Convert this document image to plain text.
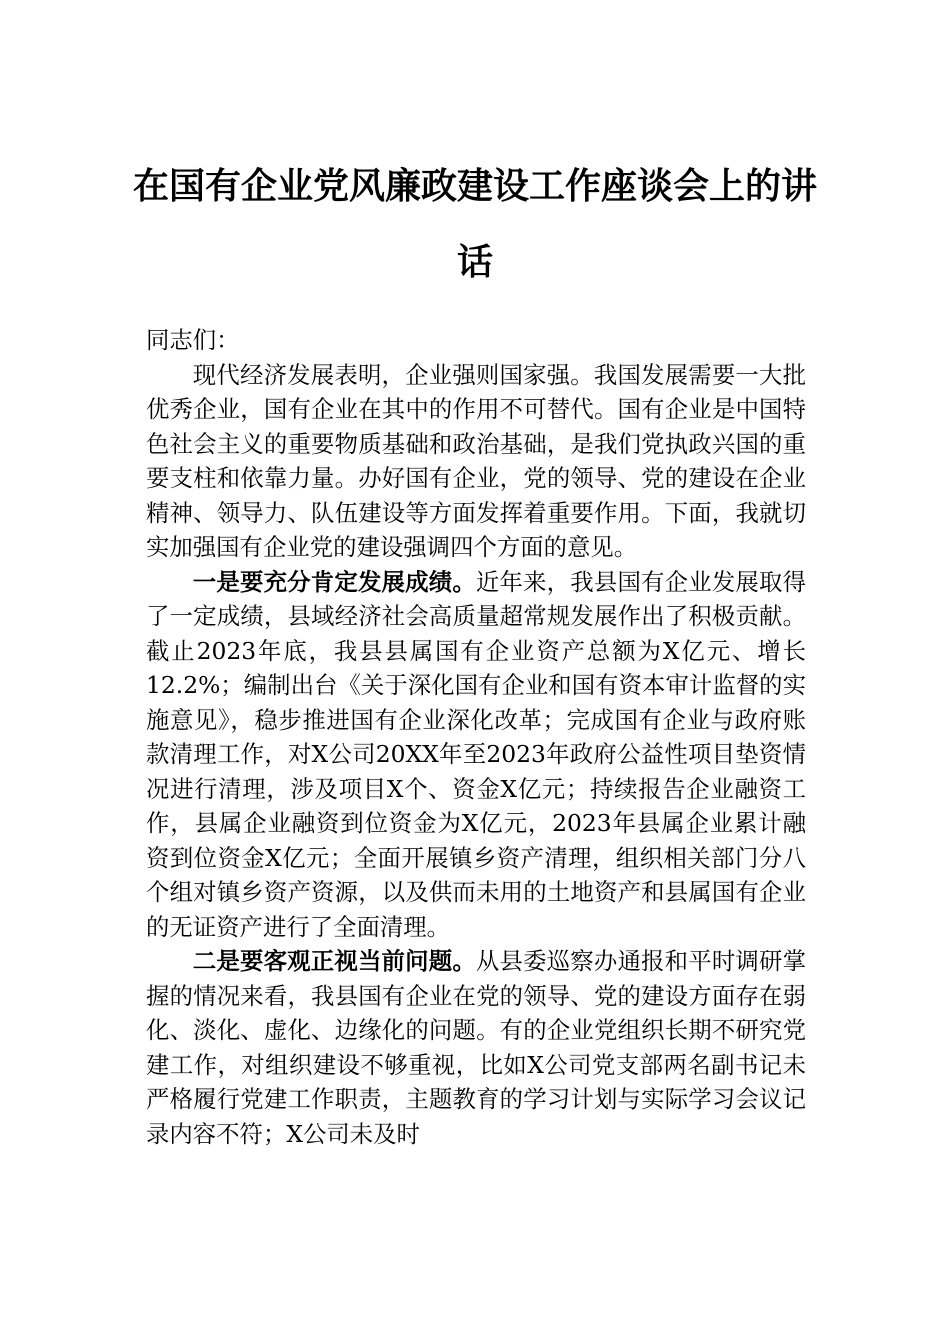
在国有企业党风廉政建设工作座谈会上的讲话

同志们：

现代经济发展表明，企业强则国家强。我国发展需要一大批优秀企业，国有企业在其中的作用不可替代。国有企业是中国特色社会主义的重要物质基础和政治基础，是我们党执政兴国的重要支柱和依靠力量。办好国有企业，党的领导、党的建设在企业精神、领导力、队伍建设等方面发挥着重要作用。下面，我就切实加强国有企业党的建设强调四个方面的意见。

一是要充分肯定发展成绩。近年来，我县国有企业发展取得了一定成绩，县域经济社会高质量超常规发展作出了积极贡献。截止2023年底，我县县属国有企业资产总额为X亿元、增长12.2%；编制出台《关于深化国有企业和国有资本审计监督的实施意见》，稳步推进国有企业深化改革；完成国有企业与政府账款清理工作，对X公司20XX年至2023年政府公益性项目垫资情况进行清理，涉及项目X个、资金X亿元；持续报告企业融资工作，县属企业融资到位资金为X亿元，2023年县属企业累计融资到位资金X亿元；全面开展镇乡资产清理，组织相关部门分八个组对镇乡资产资源，以及供而未用的土地资产和县属国有企业的无证资产进行了全面清理。

二是要客观正视当前问题。从县委巡察办通报和平时调研掌握的情况来看，我县国有企业在党的领导、党的建设方面存在弱化、淡化、虚化、边缘化的问题。有的企业党组织长期不研究党建工作，对组织建设不够重视，比如X公司党支部两名副书记未严格履行党建工作职责，主题教育的学习计划与实际学习会议记录内容不符；X公司未及时
